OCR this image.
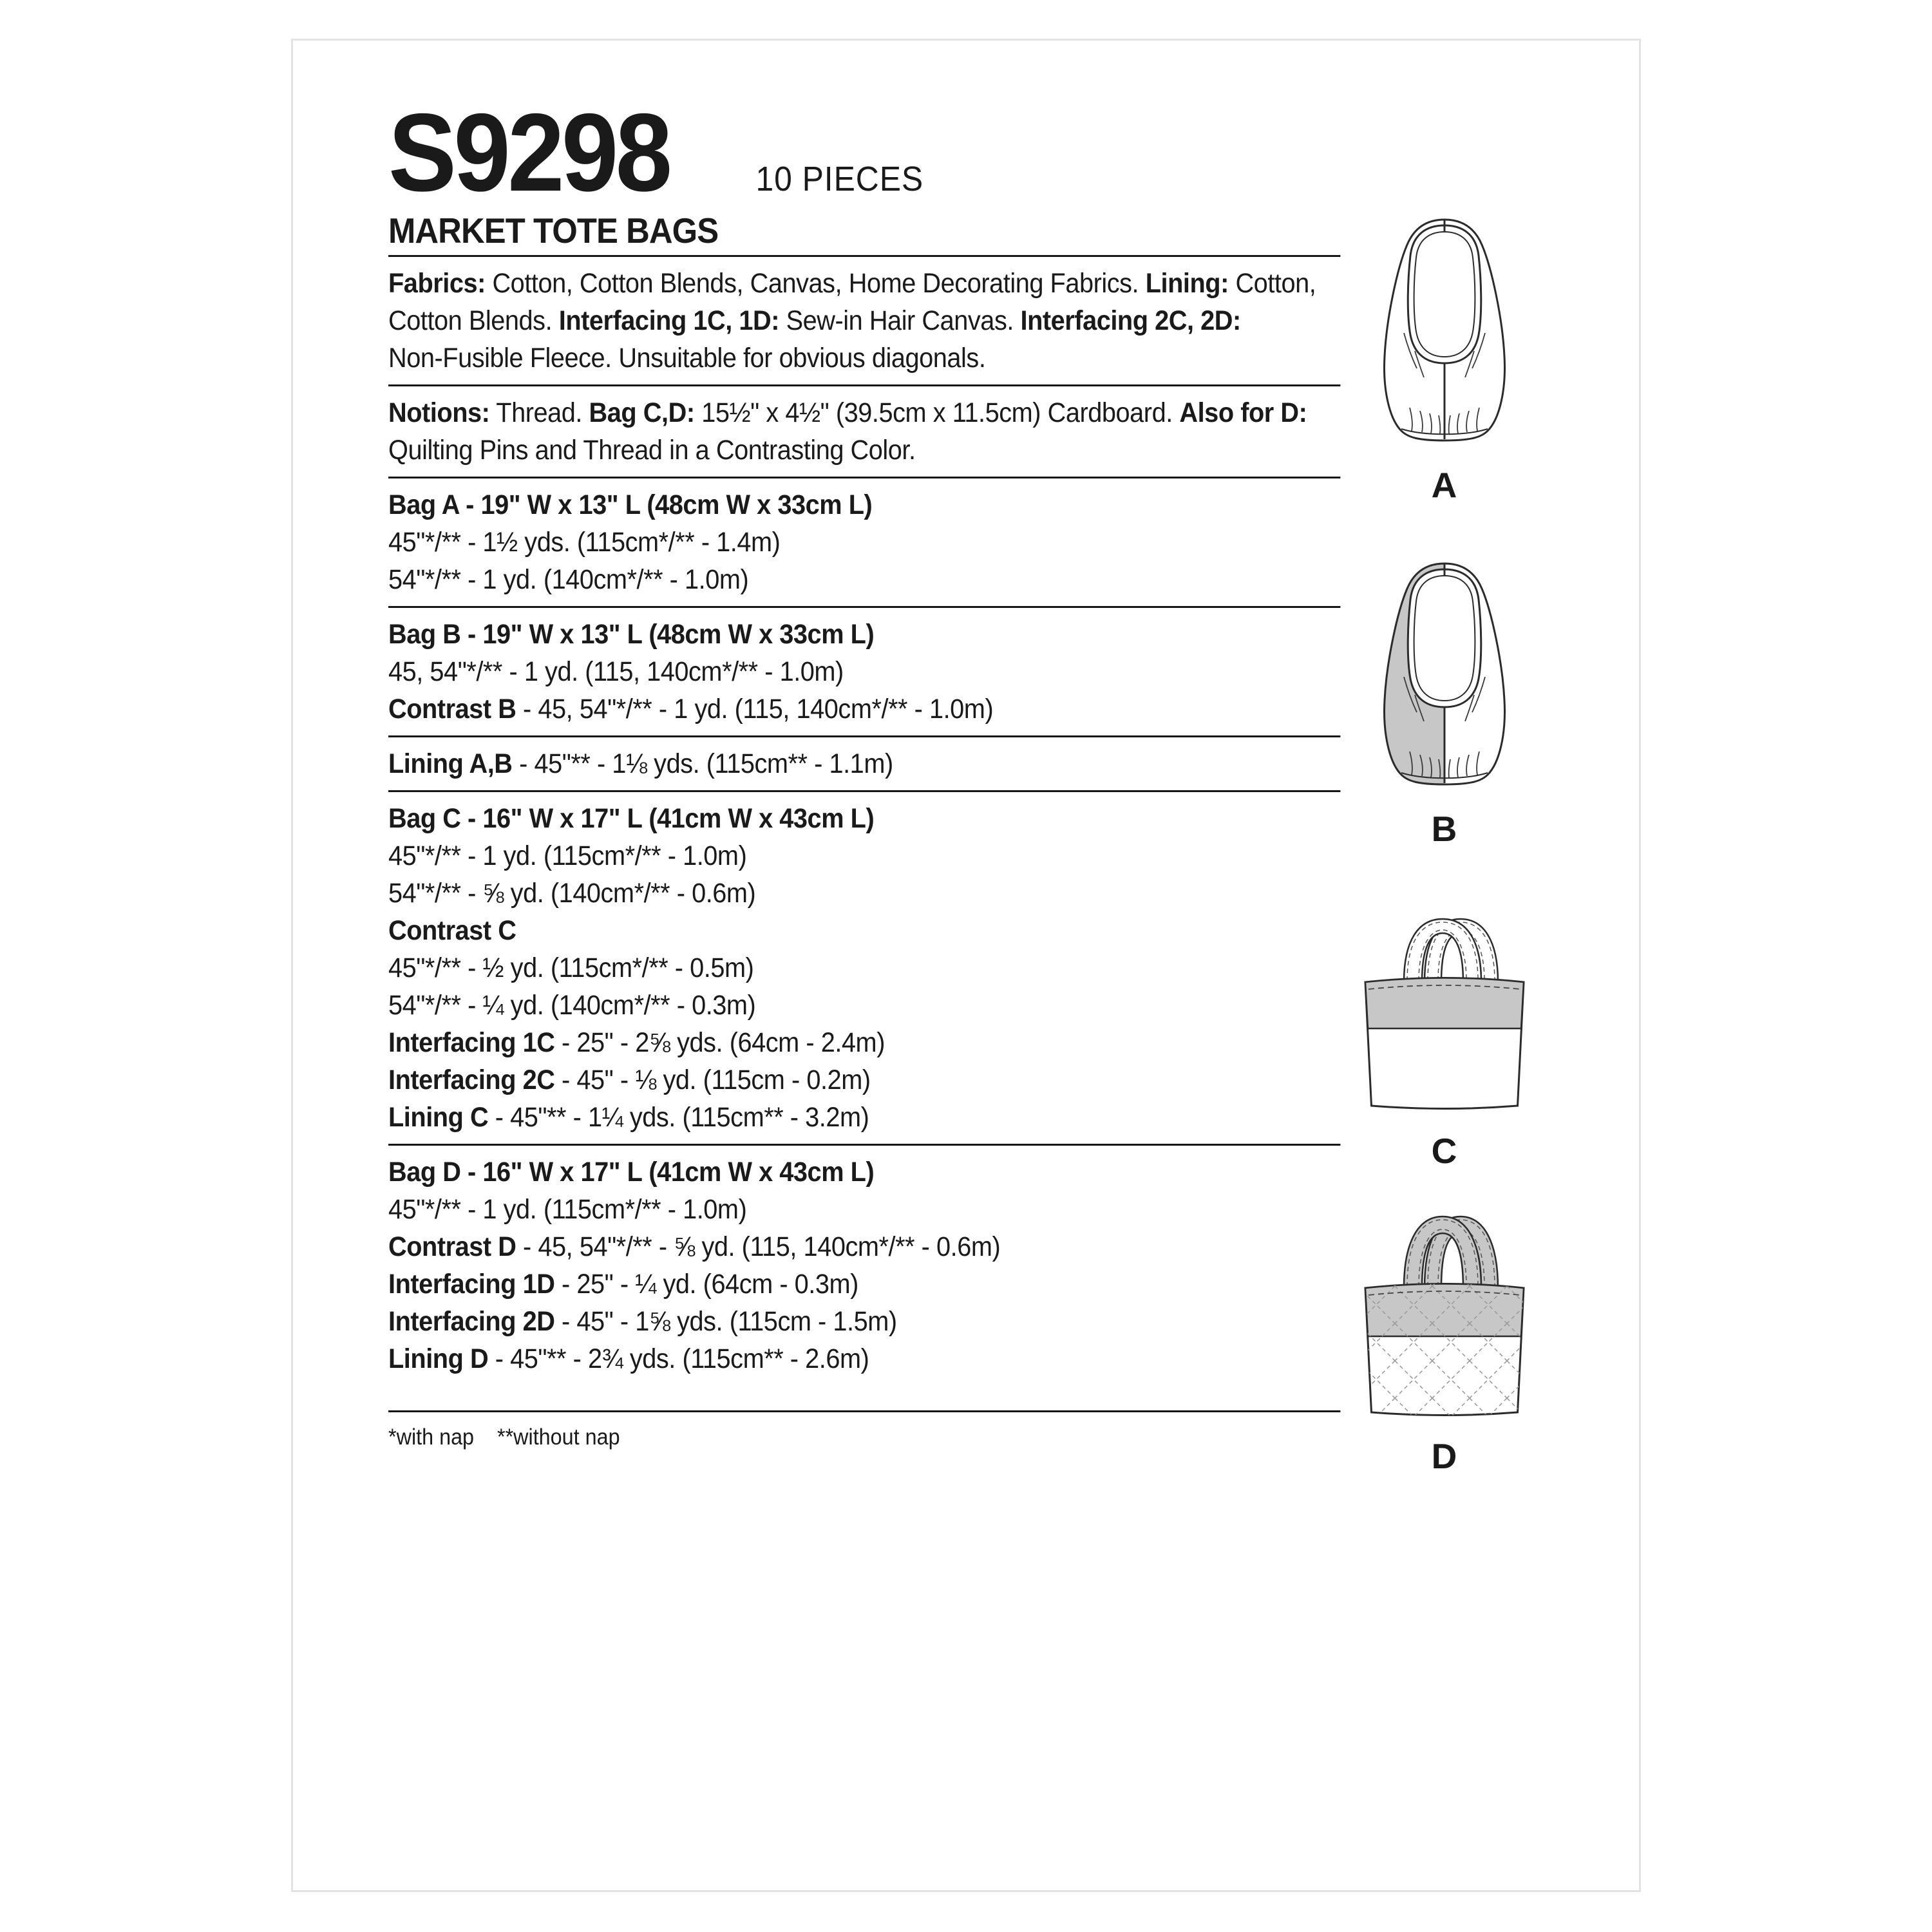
S9298 10 PIECES
MARKET TOTE BAGS
Fabrics: Cotton, Cotton Blends, Canvas, Home Decorating Fabrics. Lining: Cotton,
Cotton Blends. Interfacing 1C, 1D: Sew-in Hair Canvas. Interfacing 2C, 2D:
Non-Fusible Fleece. Unsuitable for obvious diagonals.
Notions: Thread. Bag C,D: 15½" x 4½" (39.5cm x 11.5cm) Cardboard. Also for D:
Quilting Pins and Thread in a Contrasting Color.
Bag A - 19" W x 13" L (48cm W x 33cm L)
45"*/** - 1½ yds. (115cm*/** - 1.4m)
54"*/** - 1 yd. (140cm*/** - 1.0m)
Bag B - 19" W x 13" L (48cm W x 33cm L)
45, 54"*/** - 1 yd. (115, 140cm*/** - 1.0m)
Contrast B - 45, 54"*/** - 1 yd. (115, 140cm*/** - 1.0m)
Lining A,B - 45"** - 1⅛ yds. (115cm** - 1.1m)
Bag C - 16" W x 17" L (41cm W x 43cm L)
45"*/** - 1 yd. (115cm*/** - 1.0m)
54"*/** - ⅝ yd. (140cm*/** - 0.6m)
Contrast C
45"*/** - ½ yd. (115cm*/** - 0.5m)
54"*/** - ¼ yd. (140cm*/** - 0.3m)
Interfacing 1C - 25" - 2⅝ yds. (64cm - 2.4m)
Interfacing 2C - 45" - ⅛ yd. (115cm - 0.2m)
Lining C - 45"** - 1¼ yds. (115cm** - 3.2m)
Bag D - 16" W x 17" L (41cm W x 43cm L)
45"*/** - 1 yd. (115cm*/** - 1.0m)
Contrast D - 45, 54"*/** - ⅝ yd. (115, 140cm*/** - 0.6m)
Interfacing 1D - 25" - ¼ yd. (64cm - 0.3m)
Interfacing 2D - 45" - 1⅝ yds. (115cm - 1.5m)
Lining D - 45"** - 2¾ yds. (115cm** - 2.6m)
*with nap    **without nap
A
B
C
D
